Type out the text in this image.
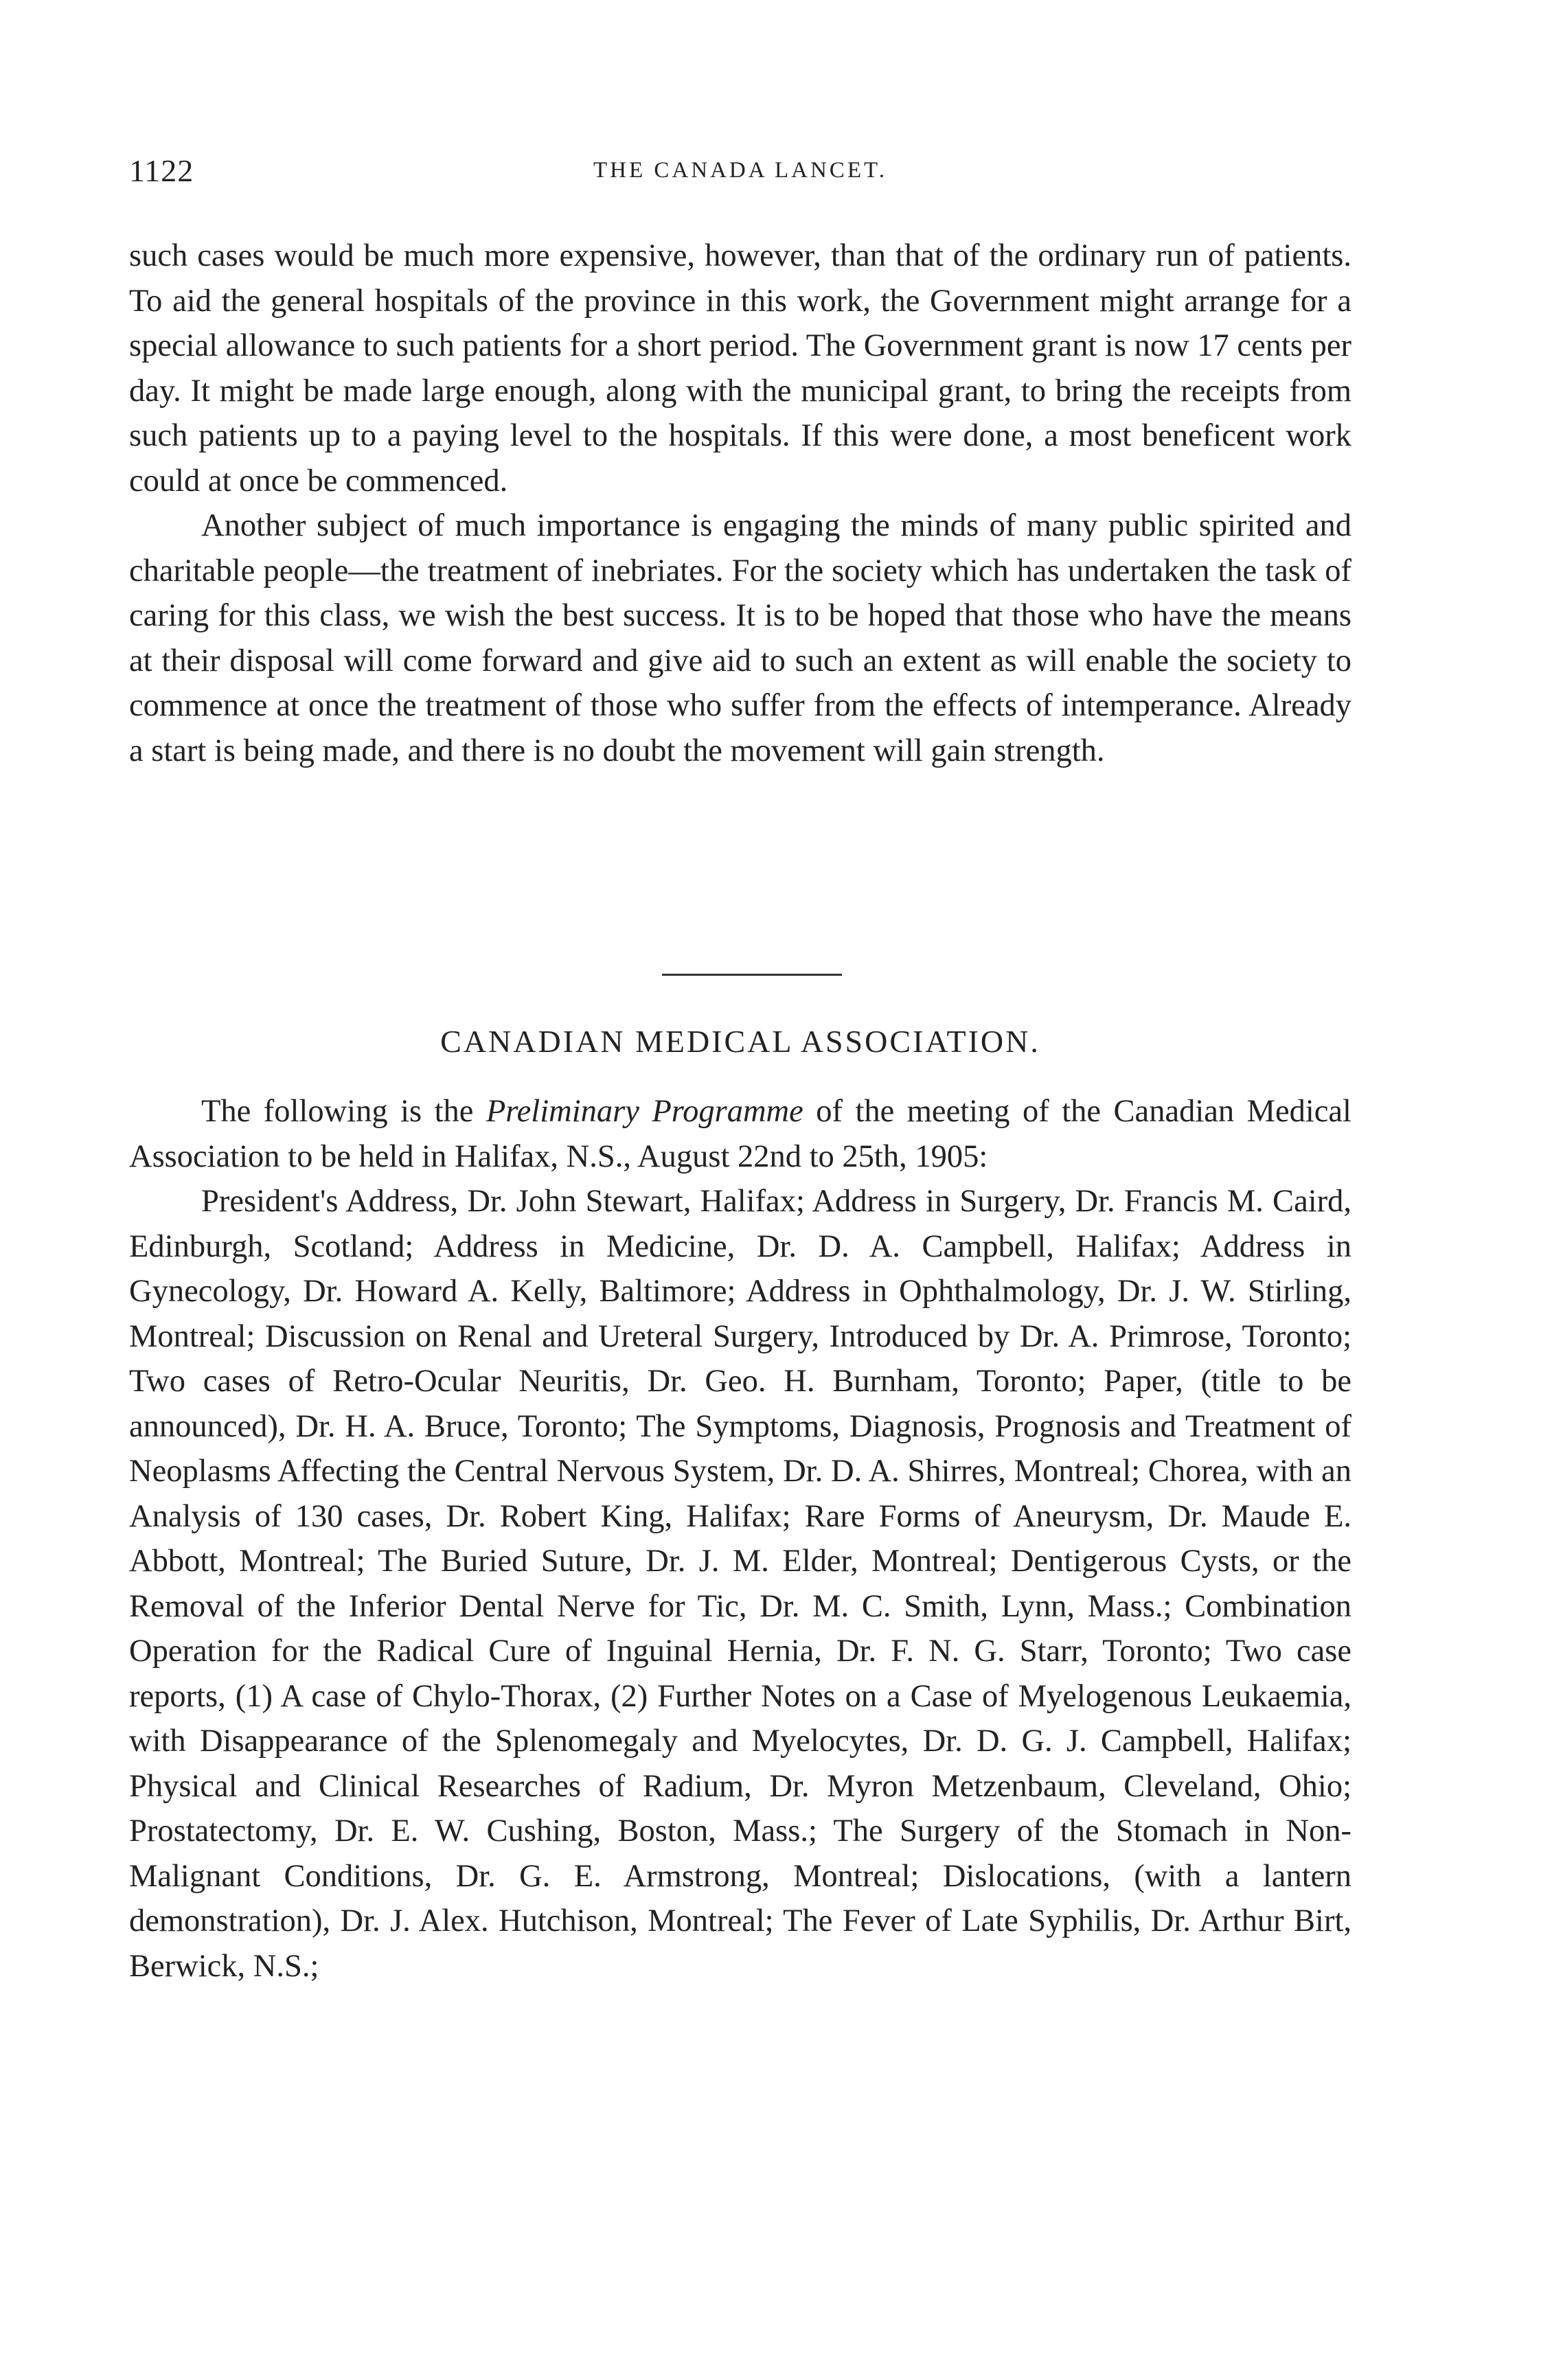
1122	THE CANADA LANCET.

such cases would be much more expensive, however, than that of the ordinary run of patients. To aid the general hospitals of the province in this work, the Government might arrange for a special allowance to such patients for a short period. The Government grant is now 17 cents per day. It might be made large enough, along with the municipal grant, to bring the receipts from such patients up to a paying level to the hospitals. If this were done, a most beneficent work could at once be commenced.

Another subject of much importance is engaging the minds of many public spirited and charitable people—the treatment of inebriates. For the society which has undertaken the task of caring for this class, we wish the best success. It is to be hoped that those who have the means at their disposal will come forward and give aid to such an extent as will enable the society to commence at once the treatment of those who suffer from the effects of intemperance. Already a start is being made, and there is no doubt the movement will gain strength.

CANADIAN MEDICAL ASSOCIATION.

The following is the Preliminary Programme of the meeting of the Canadian Medical Association to be held in Halifax, N.S., August 22nd to 25th, 1905:

President's Address, Dr. John Stewart, Halifax; Address in Surgery, Dr. Francis M. Caird, Edinburgh, Scotland; Address in Medicine, Dr. D. A. Campbell, Halifax; Address in Gynecology, Dr. Howard A. Kelly, Baltimore; Address in Ophthalmology, Dr. J. W. Stirling, Montreal; Discussion on Renal and Ureteral Surgery, Introduced by Dr. A. Primrose, Toronto; Two cases of Retro-Ocular Neuritis, Dr. Geo. H. Burnham, Toronto; Paper, (title to be announced), Dr. H. A. Bruce, Toronto; The Symptoms, Diagnosis, Prognosis and Treatment of Neoplasms Affecting the Central Nervous System, Dr. D. A. Shirres, Montreal; Chorea, with an Analysis of 130 cases, Dr. Robert King, Halifax; Rare Forms of Aneurysm, Dr. Maude E. Abbott, Montreal; The Buried Suture, Dr. J. M. Elder, Montreal; Dentigerous Cysts, or the Removal of the Inferior Dental Nerve for Tic, Dr. M. C. Smith, Lynn, Mass.; Combination Operation for the Radical Cure of Inguinal Hernia, Dr. F. N. G. Starr, Toronto; Two case reports, (1) A case of Chylo-Thorax, (2) Further Notes on a Case of Myelogenous Leukaemia, with Disappearance of the Splenomegaly and Myelocytes, Dr. D. G. J. Campbell, Halifax; Physical and Clinical Researches of Radium, Dr. Myron Metzenbaum, Cleveland, Ohio; Prostatectomy, Dr. E. W. Cushing, Boston, Mass.; The Surgery of the Stomach in Non-Malignant Conditions, Dr. G. E. Armstrong, Montreal; Dislocations, (with a lantern demonstration), Dr. J. Alex. Hutchison, Montreal; The Fever of Late Syphilis, Dr. Arthur Birt, Berwick, N.S.;
